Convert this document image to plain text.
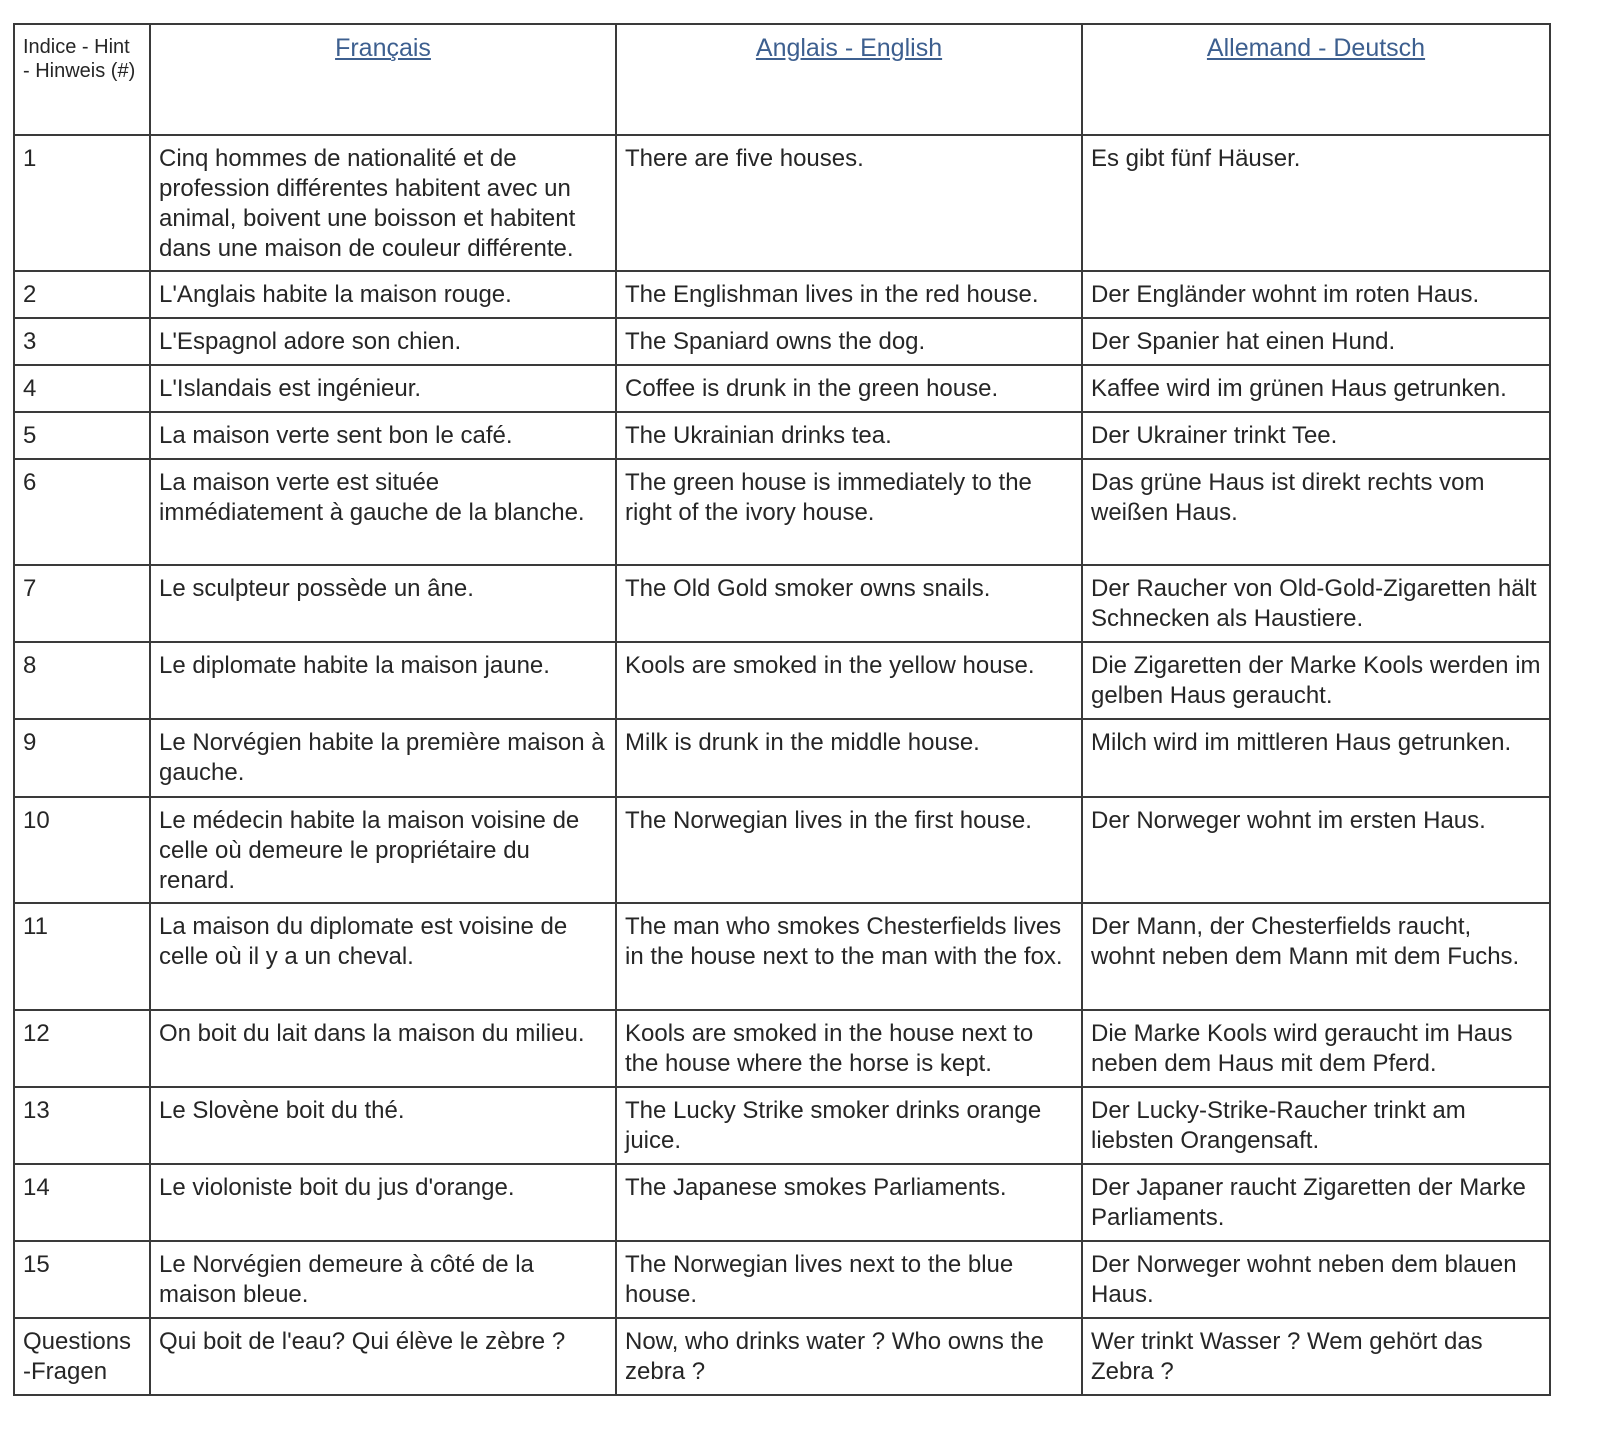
Indice - Hint - Hinweis (#)	Français	Anglais - English	Allemand - Deutsch
1	Cinq hommes de nationalité et de profession différentes habitent avec un animal, boivent une boisson et habitent dans une maison de couleur différente.	There are five houses.	Es gibt fünf Häuser.
2	L'Anglais habite la maison rouge.	The Englishman lives in the red house.	Der Engländer wohnt im roten Haus.
3	L'Espagnol adore son chien.	The Spaniard owns the dog.	Der Spanier hat einen Hund.
4	L'Islandais est ingénieur.	Coffee is drunk in the green house.	Kaffee wird im grünen Haus getrunken.
5	La maison verte sent bon le café.	The Ukrainian drinks tea.	Der Ukrainer trinkt Tee.
6	La maison verte est située immédiatement à gauche de la blanche.	The green house is immediately to the right of the ivory house.	Das grüne Haus ist direkt rechts vom weißen Haus.
7	Le sculpteur possède un âne.	The Old Gold smoker owns snails.	Der Raucher von Old-Gold-Zigaretten hält Schnecken als Haustiere.
8	Le diplomate habite la maison jaune.	Kools are smoked in the yellow house.	Die Zigaretten der Marke Kools werden im gelben Haus geraucht.
9	Le Norvégien habite la première maison à gauche.	Milk is drunk in the middle house.	Milch wird im mittleren Haus getrunken.
10	Le médecin habite la maison voisine de celle où demeure le propriétaire du renard.	The Norwegian lives in the first house.	Der Norweger wohnt im ersten Haus.
11	La maison du diplomate est voisine de celle où il y a un cheval.	The man who smokes Chesterfields lives in the house next to the man with the fox.	Der Mann, der Chesterfields raucht, wohnt neben dem Mann mit dem Fuchs.
12	On boit du lait dans la maison du milieu.	Kools are smoked in the house next to the house where the horse is kept.	Die Marke Kools wird geraucht im Haus neben dem Haus mit dem Pferd.
13	Le Slovène boit du thé.	The Lucky Strike smoker drinks orange juice.	Der Lucky-Strike-Raucher trinkt am liebsten Orangensaft.
14	Le violoniste boit du jus d'orange.	The Japanese smokes Parliaments.	Der Japaner raucht Zigaretten der Marke Parliaments.
15	Le Norvégien demeure à côté de la maison bleue.	The Norwegian lives next to the blue house.	Der Norweger wohnt neben dem blauen Haus.
Questions -Fragen	Qui boit de l'eau? Qui élève le zèbre ?	Now, who drinks water ? Who owns the zebra ?	Wer trinkt Wasser ? Wem gehört das Zebra ?
